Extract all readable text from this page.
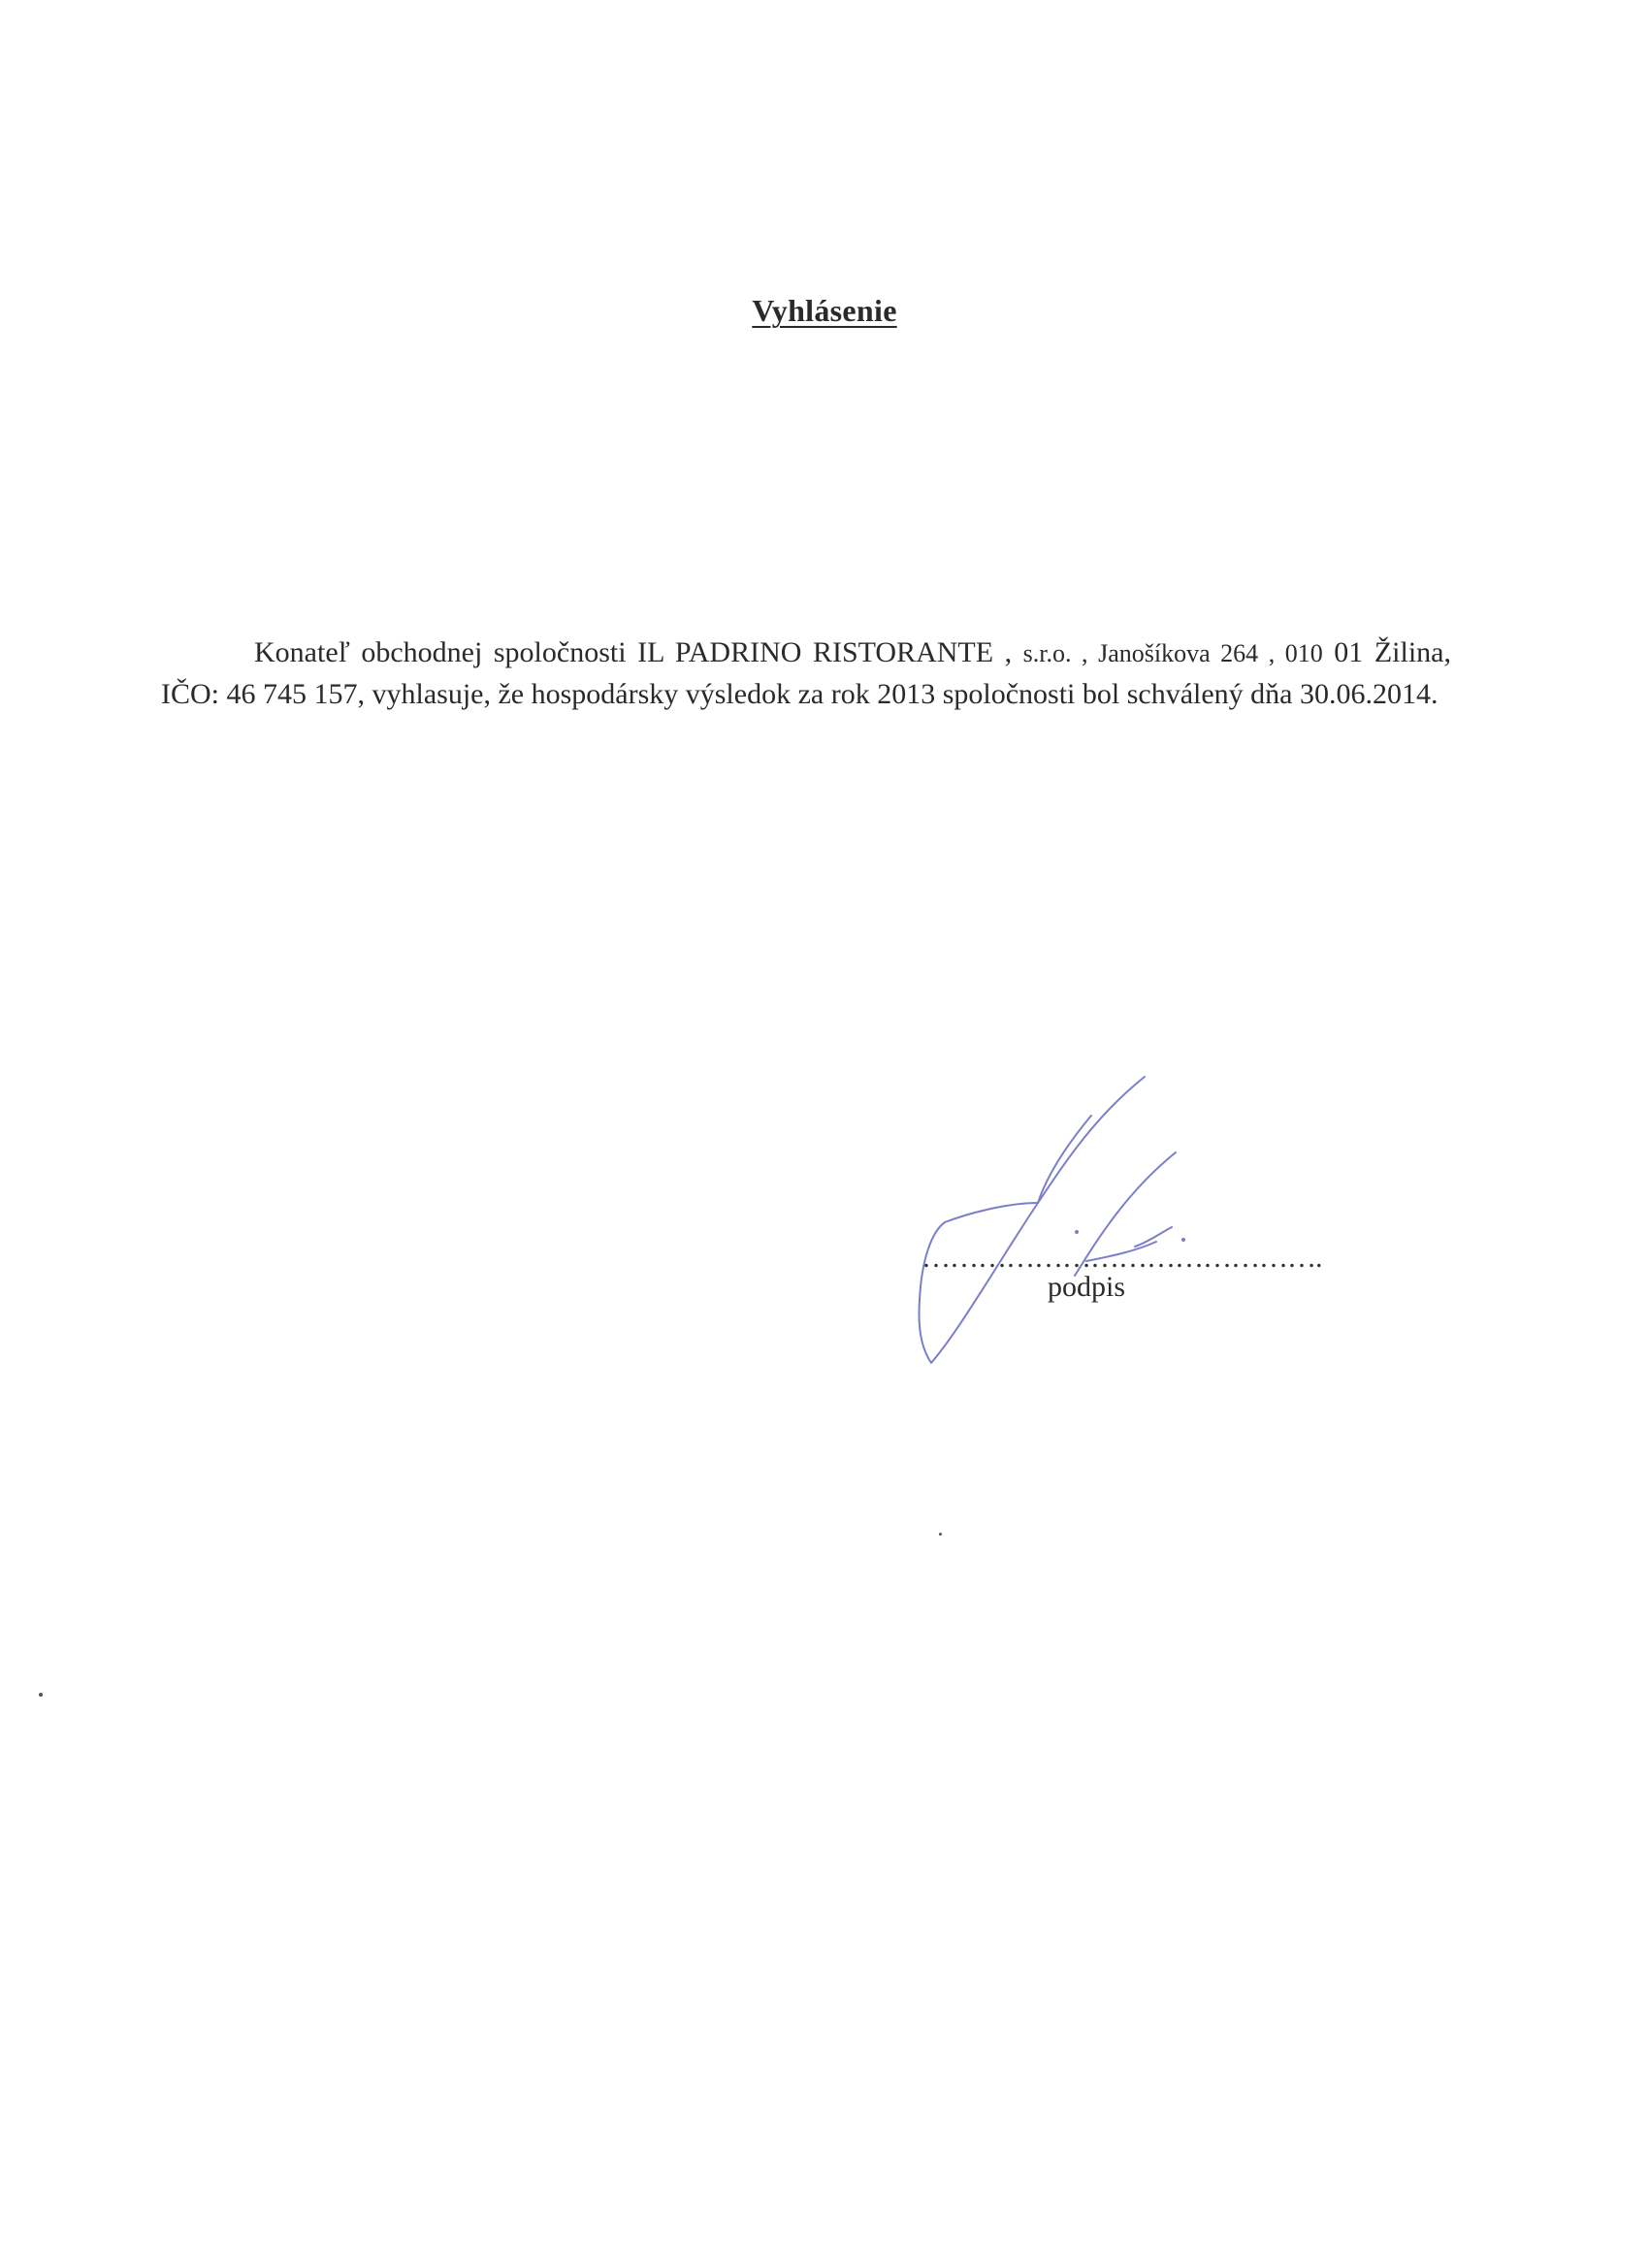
Vyhlásenie
Konateľ obchodnej spoločnosti IL PADRINO RISTORANTE , s.r.o. , Janošíkova 264 , 010 01 Žilina, IČO: 46 745 157, vyhlasuje, že hospodársky výsledok za rok 2013 spoločnosti bol schválený dňa 30.06.2014.
…………………………………….
podpis
